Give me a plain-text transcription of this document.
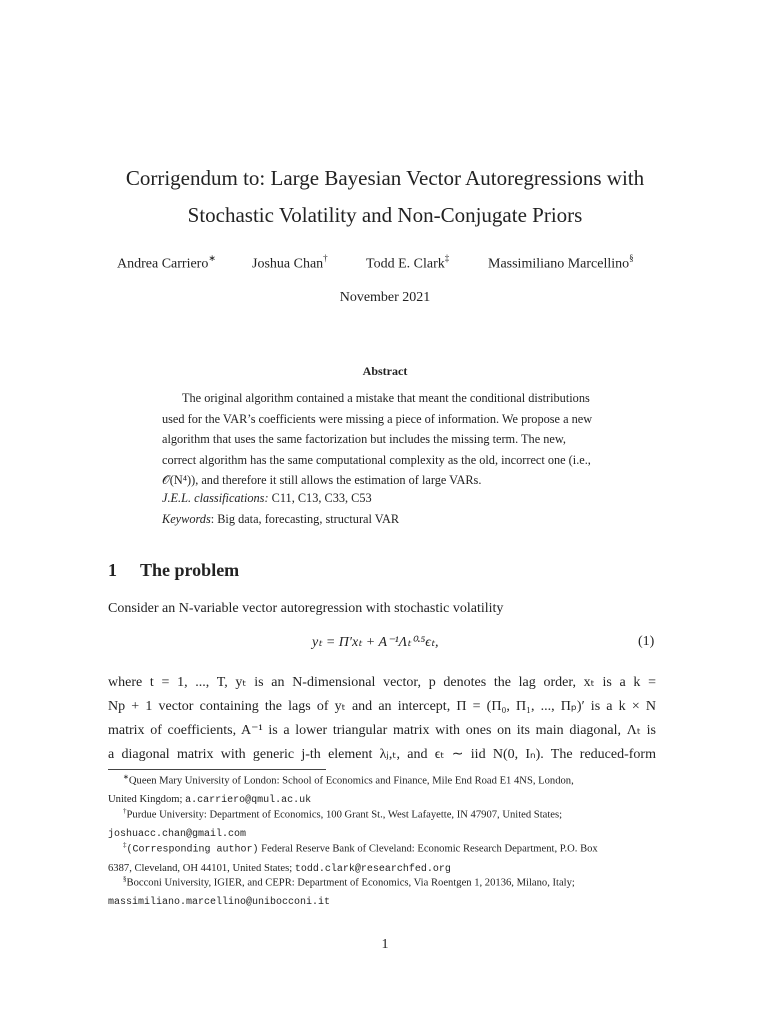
Corrigendum to: Large Bayesian Vector Autoregressions with
Stochastic Volatility and Non-Conjugate Priors
Andrea Carriero∗	Joshua Chan†	Todd E. Clark‡	Massimiliano Marcellino§
November 2021
Abstract
The original algorithm contained a mistake that meant the conditional distributions
used for the VAR’s coefficients were missing a piece of information. We propose a new
algorithm that uses the same factorization but includes the missing term. The new,
correct algorithm has the same computational complexity as the old, incorrect one (i.e.,
𝒪(N⁴)), and therefore it still allows the estimation of large VARs.
J.E.L. classifications: C11, C13, C33, C53
Keywords: Big data, forecasting, structural VAR
1 The problem
Consider an N-variable vector autoregression with stochastic volatility
yₜ = Π′xₜ + A⁻¹Λₜ⁰·⁵ϵₜ,	(1)
where t = 1, ..., T, yₜ is an N-dimensional vector, p denotes the lag order, xₜ is a k =
Np + 1 vector containing the lags of yₜ and an intercept, Π = (Π₀, Π₁, ..., Πₚ)′ is a k × N
matrix of coefficients, A⁻¹ is a lower triangular matrix with ones on its main diagonal, Λₜ is
a diagonal matrix with generic j-th element λⱼ,ₜ, and ϵₜ ∼ iid N(0, Iₙ). The reduced-form
∗Queen Mary University of London: School of Economics and Finance, Mile End Road E1 4NS, London,
United Kingdom; a.carriero@qmul.ac.uk
†Purdue University: Department of Economics, 100 Grant St., West Lafayette, IN 47907, United States;
joshuacc.chan@gmail.com
‡(Corresponding author) Federal Reserve Bank of Cleveland: Economic Research Department, P.O. Box
6387, Cleveland, OH 44101, United States; todd.clark@researchfed.org
§Bocconi University, IGIER, and CEPR: Department of Economics, Via Roentgen 1, 20136, Milano, Italy;
massimiliano.marcellino@unibocconi.it
1
